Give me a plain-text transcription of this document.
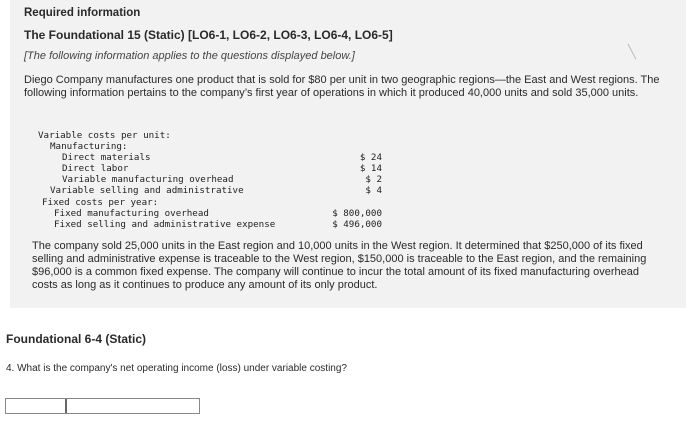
Required information
The Foundational 15 (Static) [LO6-1, LO6-2, LO6-3, LO6-4, LO6-5]
[The following information applies to the questions displayed below.]	╲
Diego Company manufactures one product that is sold for $80 per unit in two geographic regions—the East and West regions. The following information pertains to the company’s first year of operations in which it produced 40,000 units and sold 35,000 units.
Variable costs per unit:
Manufacturing:
Direct materials	$ 24
Direct labor	$ 14
Variable manufacturing overhead	$ 2
Variable selling and administrative	$ 4
Fixed costs per year:
Fixed manufacturing overhead	$ 800,000
Fixed selling and administrative expense	$ 496,000
The company sold 25,000 units in the East region and 10,000 units in the West region. It determined that $250,000 of its fixed selling and administrative expense is traceable to the West region, $150,000 is traceable to the East region, and the remaining $96,000 is a common fixed expense. The company will continue to incur the total amount of its fixed manufacturing overhead costs as long as it continues to produce any amount of its only product.
Foundational 6-4 (Static)
4. What is the company's net operating income (loss) under variable costing?
